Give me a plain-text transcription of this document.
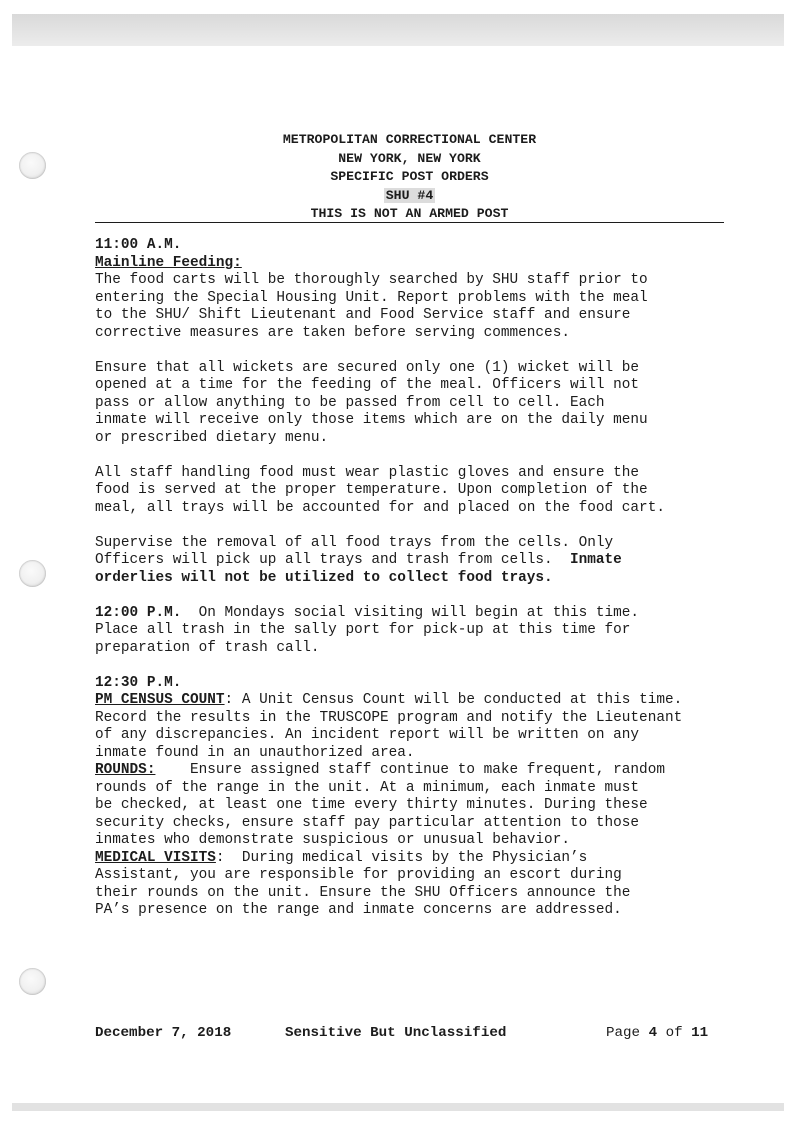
METROPOLITAN CORRECTIONAL CENTER
NEW YORK, NEW YORK
SPECIFIC POST ORDERS
SHU #4
THIS IS NOT AN ARMED POST

11:00 A.M.

Mainline Feeding:

The food carts will be thoroughly searched by SHU staff prior to

entering the Special Housing Unit. Report problems with the meal

to the SHU/ Shift Lieutenant and Food Service staff and ensure

corrective measures are taken before serving commences.

Ensure that all wickets are secured only one (1) wicket will be

opened at a time for the feeding of the meal. Officers will not

pass or allow anything to be passed from cell to cell. Each

inmate will receive only those items which are on the daily menu

or prescribed dietary menu.

All staff handling food must wear plastic gloves and ensure the

food is served at the proper temperature. Upon completion of the

meal, all trays will be accounted for and placed on the food cart.

Supervise the removal of all food trays from the cells. Only

Officers will pick up all trays and trash from cells.  Inmate

orderlies will not be utilized to collect food trays.

12:00 P.M.  On Mondays social visiting will begin at this time.

Place all trash in the sally port for pick-up at this time for

preparation of trash call.

12:30 P.M.

PM CENSUS COUNT: A Unit Census Count will be conducted at this time.

Record the results in the TRUSCOPE program and notify the Lieutenant

of any discrepancies. An incident report will be written on any

inmate found in an unauthorized area.

ROUNDS:    Ensure assigned staff continue to make frequent, random

rounds of the range in the unit. At a minimum, each inmate must

be checked, at least one time every thirty minutes. During these

security checks, ensure staff pay particular attention to those

inmates who demonstrate suspicious or unusual behavior.

MEDICAL VISITS:  During medical visits by the Physician’s

Assistant, you are responsible for providing an escort during

their rounds on the unit. Ensure the SHU Officers announce the

PA’s presence on the range and inmate concerns are addressed.

December 7, 2018	Sensitive But Unclassified	Page 4 of 11
